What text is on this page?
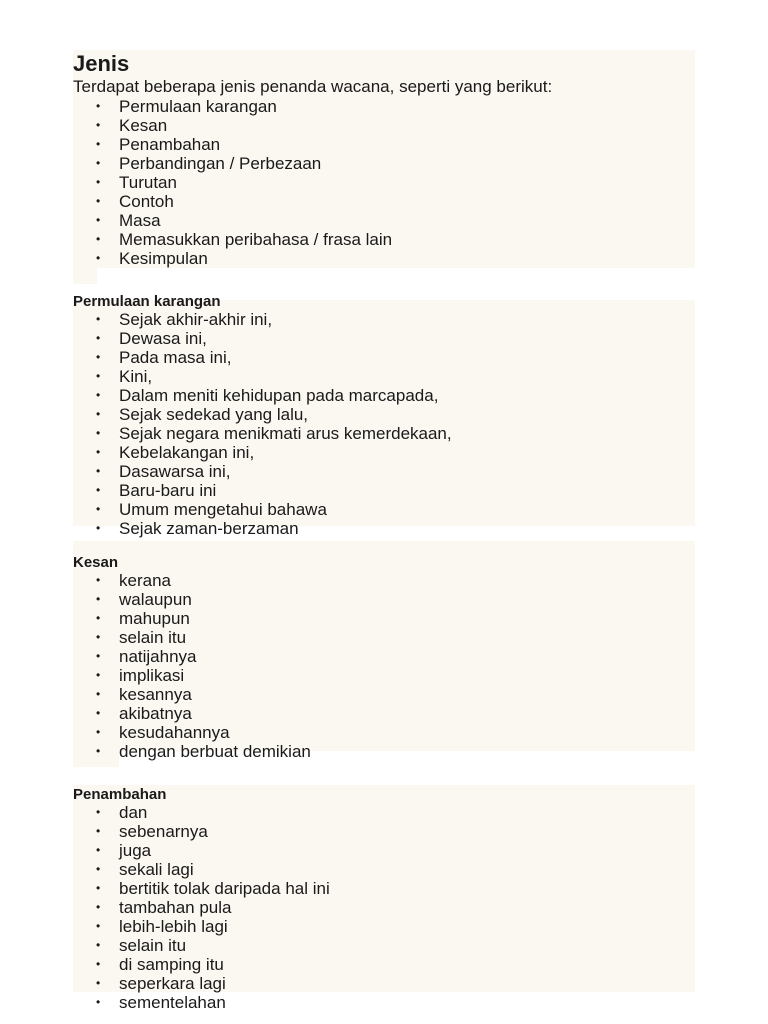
Jenis

Terdapat beberapa jenis penanda wacana, seperti yang berikut:

• Permulaan karangan
• Kesan
• Penambahan
• Perbandingan / Perbezaan
• Turutan
• Contoh
• Masa
• Memasukkan peribahasa / frasa lain
• Kesimpulan
Permulaan karangan
• Sejak akhir-akhir ini,
• Dewasa ini,
• Pada masa ini,
• Kini,
• Dalam meniti kehidupan pada marcapada,
• Sejak sedekad yang lalu,
• Sejak negara menikmati arus kemerdekaan,
• Kebelakangan ini,
• Dasawarsa ini,
• Baru-baru ini
• Umum mengetahui bahawa
• Sejak zaman-berzaman
Kesan
• kerana
• walaupun
• mahupun
• selain itu
• natijahnya
• implikasi
• kesannya
• akibatnya
• kesudahannya
• dengan berbuat demikian
Penambahan
• dan
• sebenarnya
• juga
• sekali lagi
• bertitik tolak daripada hal ini
• tambahan pula
• lebih-lebih lagi
• selain itu
• di samping itu
• seperkara lagi
• sementelahan
